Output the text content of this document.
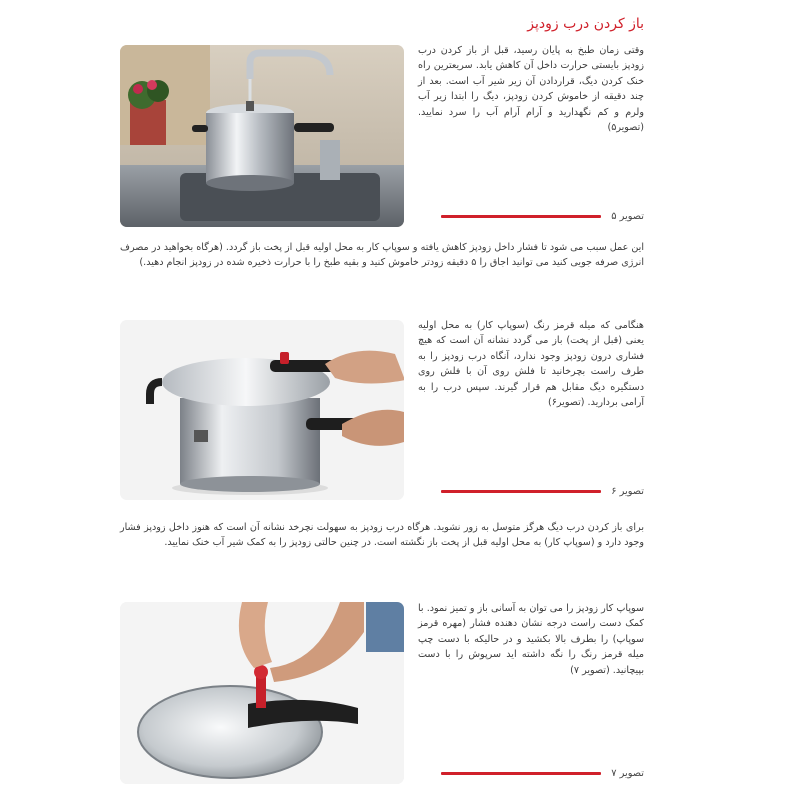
باز کردن درب زودپز
وقتی زمان طبخ به پایان رسید، قبل از باز کردن درب زودپز بایستی حرارت داخل آن کاهش یابد. سریعترین راه خنک کردن دیگ، قراردادن آن زیر شیر آب است. بعد از چند دقیقه از خاموش کردن زودپز، دیگ را ابتدا زیر آب ولرم و کم نگهدارید و آرام آرام آب را سرد نمایید. (تصویر۵)
تصویر ۵
این عمل سبب می شود تا فشار داخل زودپز کاهش یافته و سوپاپ کار به محل اولیه قبل از پخت باز گردد. (هرگاه بخواهید در مصرف انرژی صرفه جویی کنید می توانید اجاق را ۵ دقیقه زودتر خاموش کنید و بقیه طبخ را با حرارت ذخیره شده در زودپز انجام دهید.)
هنگامی که میله قرمز رنگ (سوپاپ کار) به محل اولیه یعنی (قبل از پخت) باز می گردد نشانه آن است که هیچ فشاری درون زودپز وجود ندارد، آنگاه درب زودپز را به طرف راست بچرخانید تا فلش روی آن با فلش روی دستگیره دیگ مقابل هم قرار گیرند. سپس درب را به آرامی بردارید. (تصویر۶)
تصویر ۶
برای باز کردن درب دیگ هرگز متوسل به زور نشوید. هرگاه درب زودپز به سهولت نچرخد نشانه آن است که هنوز داخل زودپز فشار وجود دارد و (سوپاپ کار) به محل اولیه قبل از پخت باز نگشته است. در چنین حالتی زودپز را به کمک شیر آب خنک نمایید.
سوپاپ کار زودپز را می توان به آسانی باز و تمیز نمود. با کمک دست راست درجه نشان دهنده فشار (مهره قرمز سوپاپ) را بطرف بالا بکشید و در حالیکه با دست چپ میله قرمز رنگ را نگه داشته اید سرپوش را با دست بپیچانید. (تصویر ۷)
تصویر ۷
